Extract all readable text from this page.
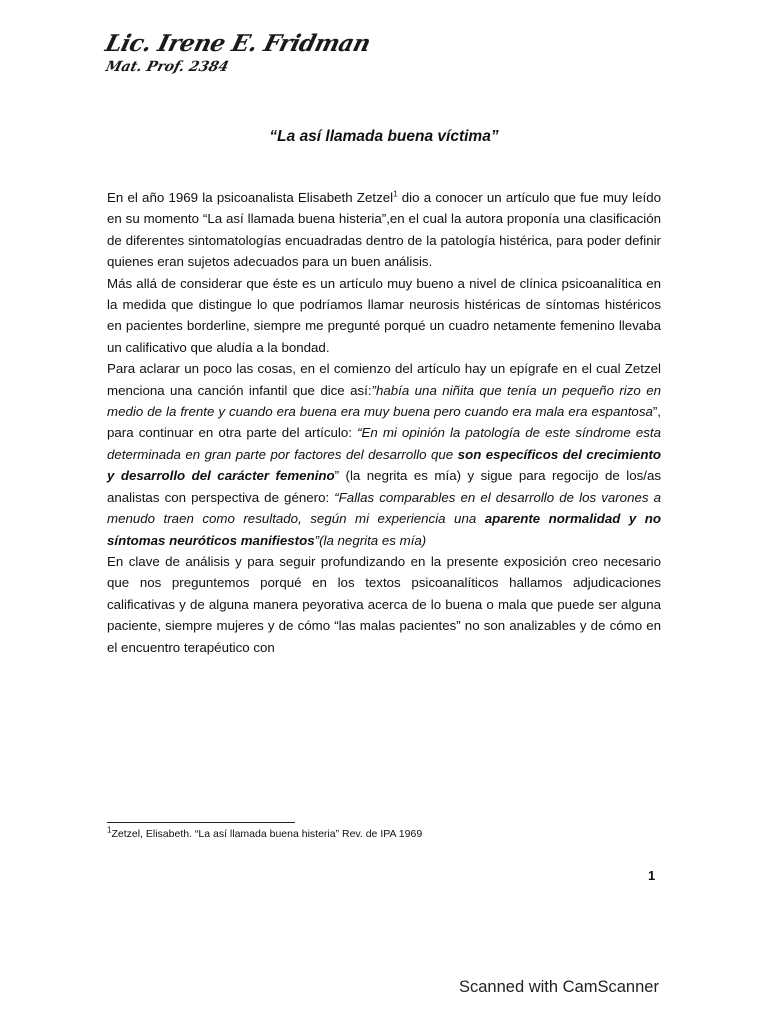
Lic. Irene E. Fridman
Mat. Prof. 2384
“La así llamada buena víctima”

En el año 1969 la psicoanalista Elisabeth Zetzel$^1$ dio a conocer un artículo que fue muy leído en su momento “La así llamada buena histeria”,en el cual la autora proponía una clasificación de diferentes sintomatologías encuadradas dentro de la patología histérica, para poder definir quienes eran sujetos adecuados para un buen análisis.

Más allá de considerar que éste es un artículo muy bueno a nivel de clínica psicoanalítica en la medida que distingue lo que podríamos llamar neurosis histéricas de síntomas histéricos en pacientes borderline, siempre me pregunté porqué un cuadro netamente femenino llevaba un calificativo que aludía a la bondad.

Para aclarar un poco las cosas, en el comienzo del artículo hay un epígrafe en el cual Zetzel menciona una canción infantil que dice así:”había una niñita que tenía un pequeño rizo en medio de la frente y cuando era buena era muy buena pero cuando era mala era espantosa”, para continuar en otra parte del artículo: “En mi opinión la patología de este síndrome esta determinada en gran parte por factores del desarrollo que son específicos del crecimiento y desarrollo del carácter femenino” (la negrita es mía) y sigue para regocijo de los/as analistas con perspectiva de género: “Fallas comparables en el desarrollo de los varones a menudo traen como resultado, según mi experiencia una aparente normalidad y no síntomas neuróticos manifiestos”(la negrita es mía)

En clave de análisis y para seguir profundizando en la presente exposición creo necesario que nos preguntemos porqué en los textos psicoanalíticos hallamos adjudicaciones calificativas y de alguna manera peyorativa acerca de lo buena o mala que puede ser alguna paciente, siempre mujeres y de cómo “las malas pacientes” no son analizables y de cómo en el encuentro terapéutico con

$^1$Zetzel, Elisabeth. “La así llamada buena histeria” Rev. de IPA 1969
1
Scanned with CamScanner
